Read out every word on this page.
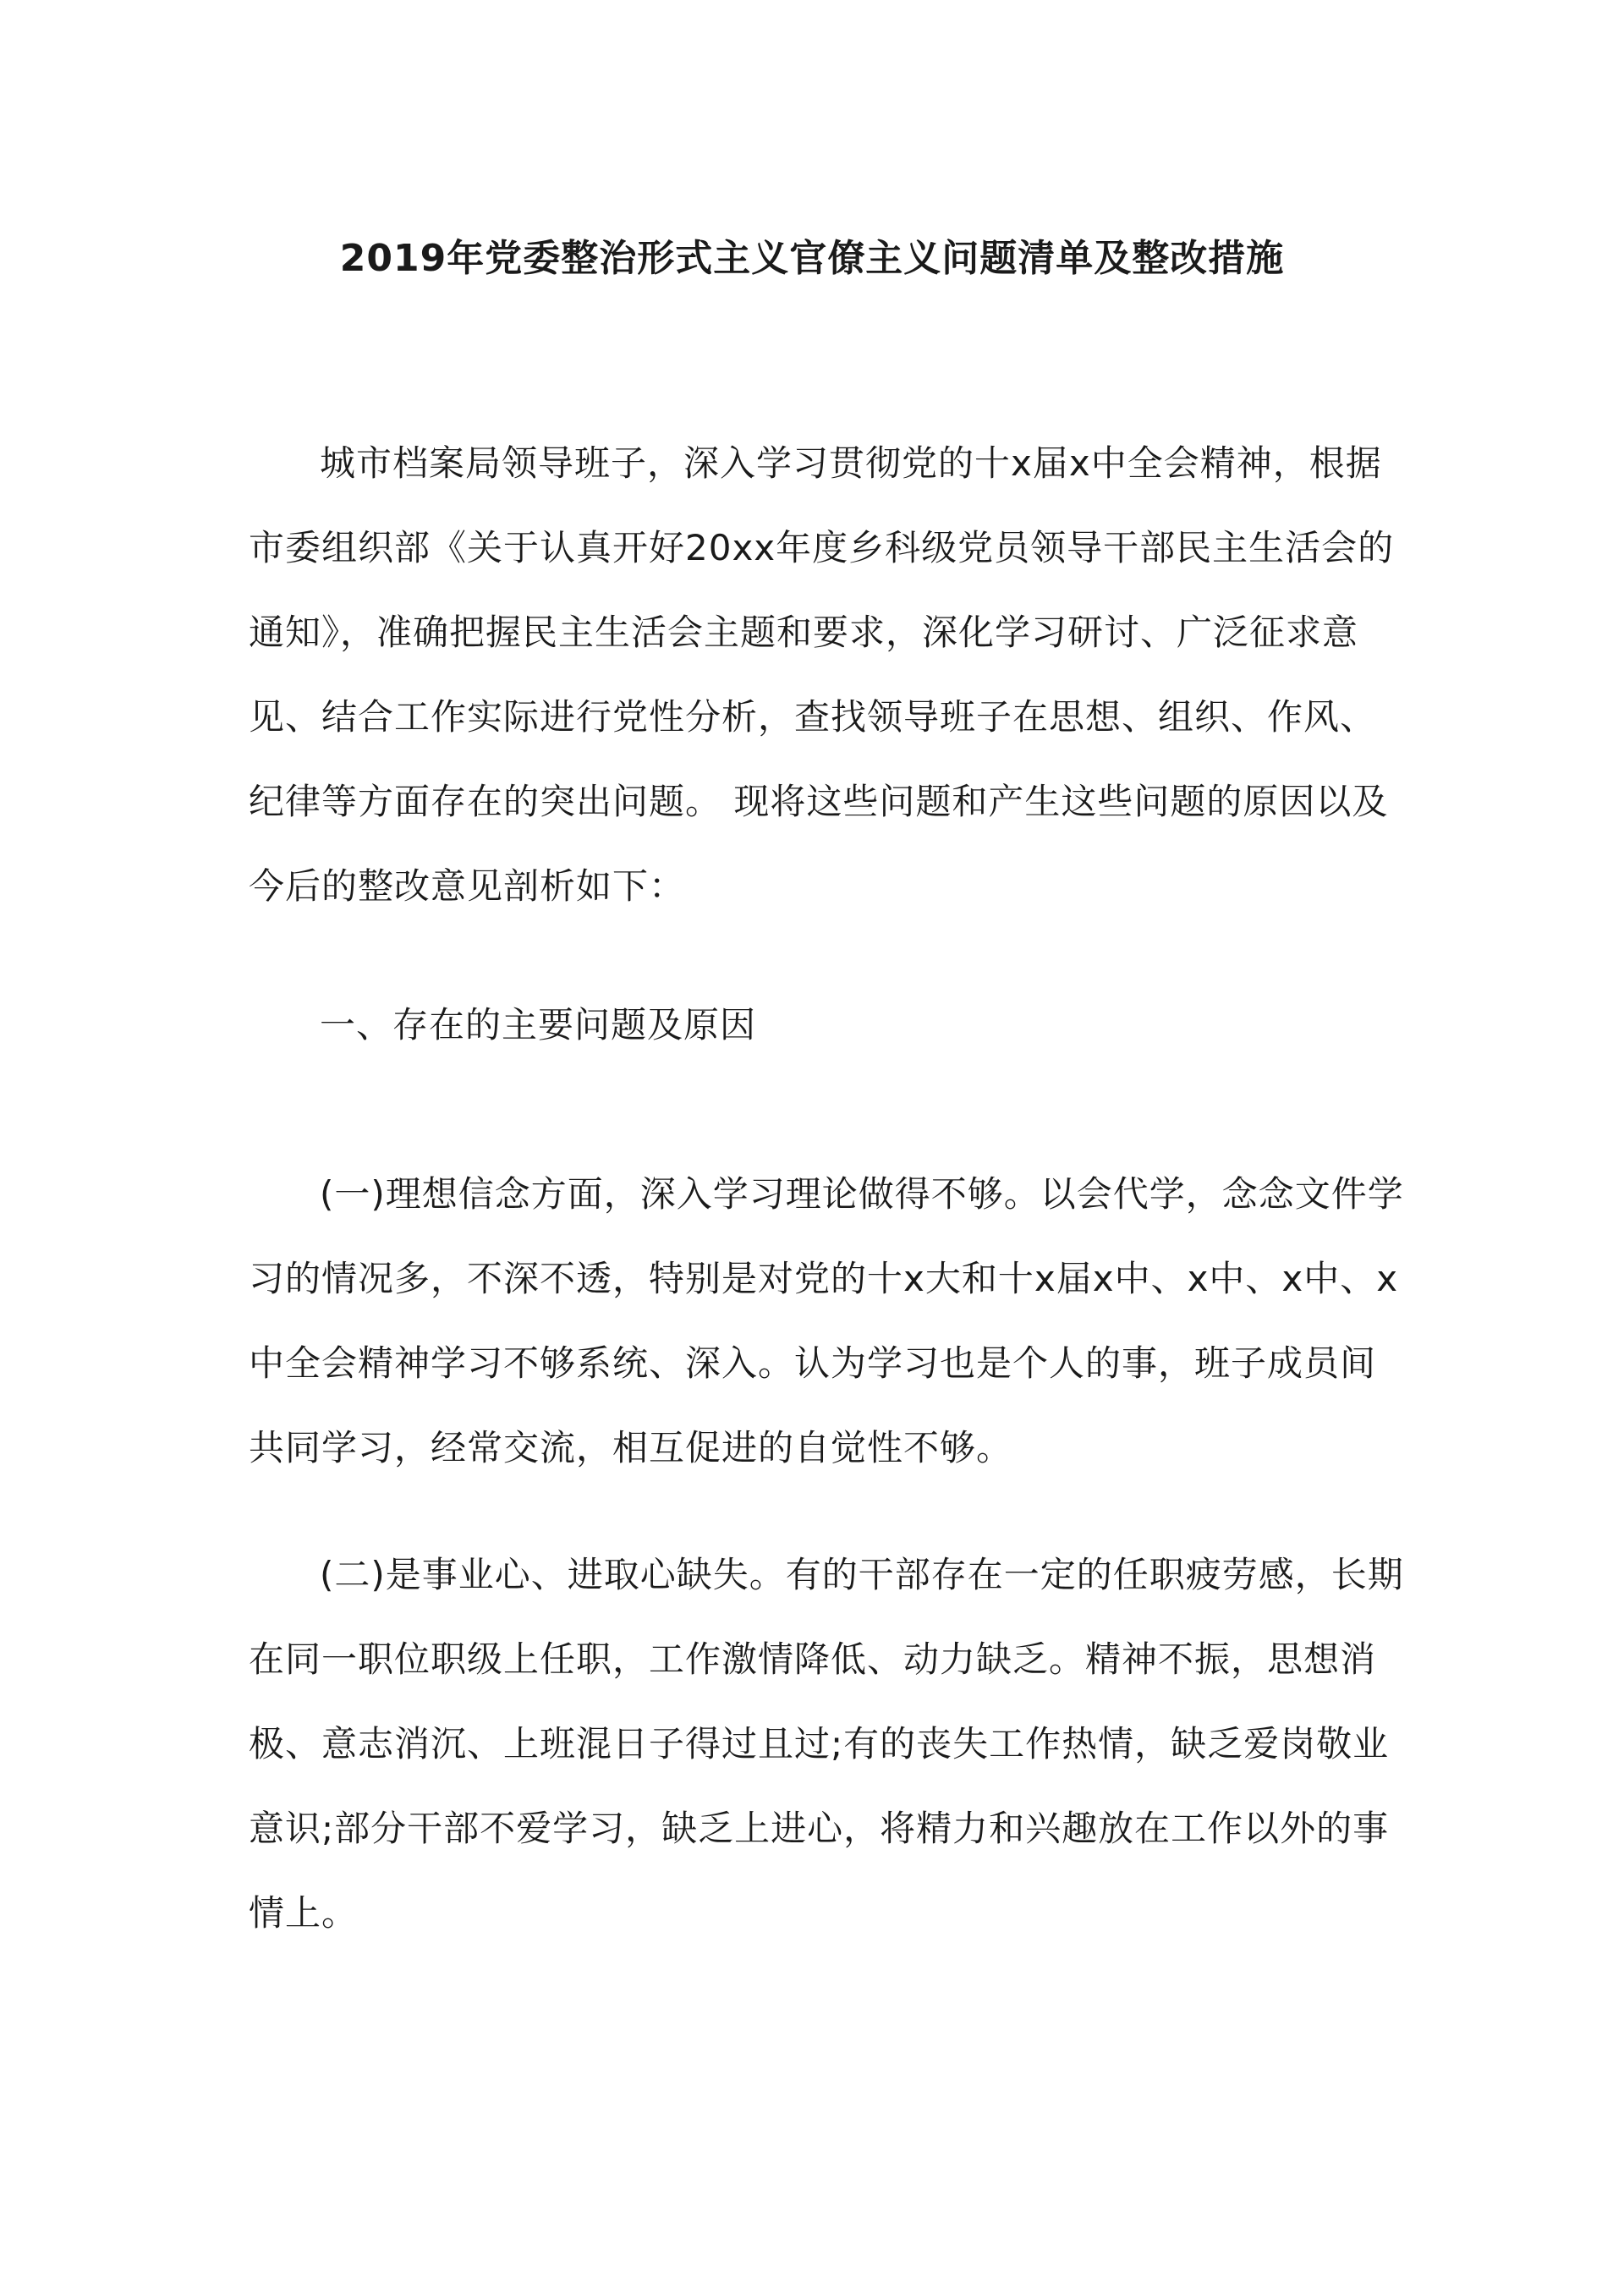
2019年党委整治形式主义官僚主义问题清单及整改措施

城市档案局领导班子，深入学习贯彻党的十x届x中全会精神，根据市委组织部《关于认真开好20xx年度乡科级党员领导干部民主生活会的通知》，准确把握民主生活会主题和要求，深化学习研讨、广泛征求意见、结合工作实际进行党性分析，查找领导班子在思想、组织、作风、纪律等方面存在的突出问题。 现将这些问题和产生这些问题的原因以及今后的整改意见剖析如下：

一、存在的主要问题及原因

(一)理想信念方面，深入学习理论做得不够。以会代学，念念文件学习的情况多，不深不透，特别是对党的十x大和十x届x中、x中、x中、x中全会精神学习不够系统、深入。认为学习也是个人的事，班子成员间共同学习，经常交流，相互促进的自觉性不够。

(二)是事业心、进取心缺失。有的干部存在一定的任职疲劳感，长期在同一职位职级上任职，工作激情降低、动力缺乏。精神不振，思想消极、意志消沉、上班混日子得过且过;有的丧失工作热情，缺乏爱岗敬业意识;部分干部不爱学习，缺乏上进心，将精力和兴趣放在工作以外的事情上。
